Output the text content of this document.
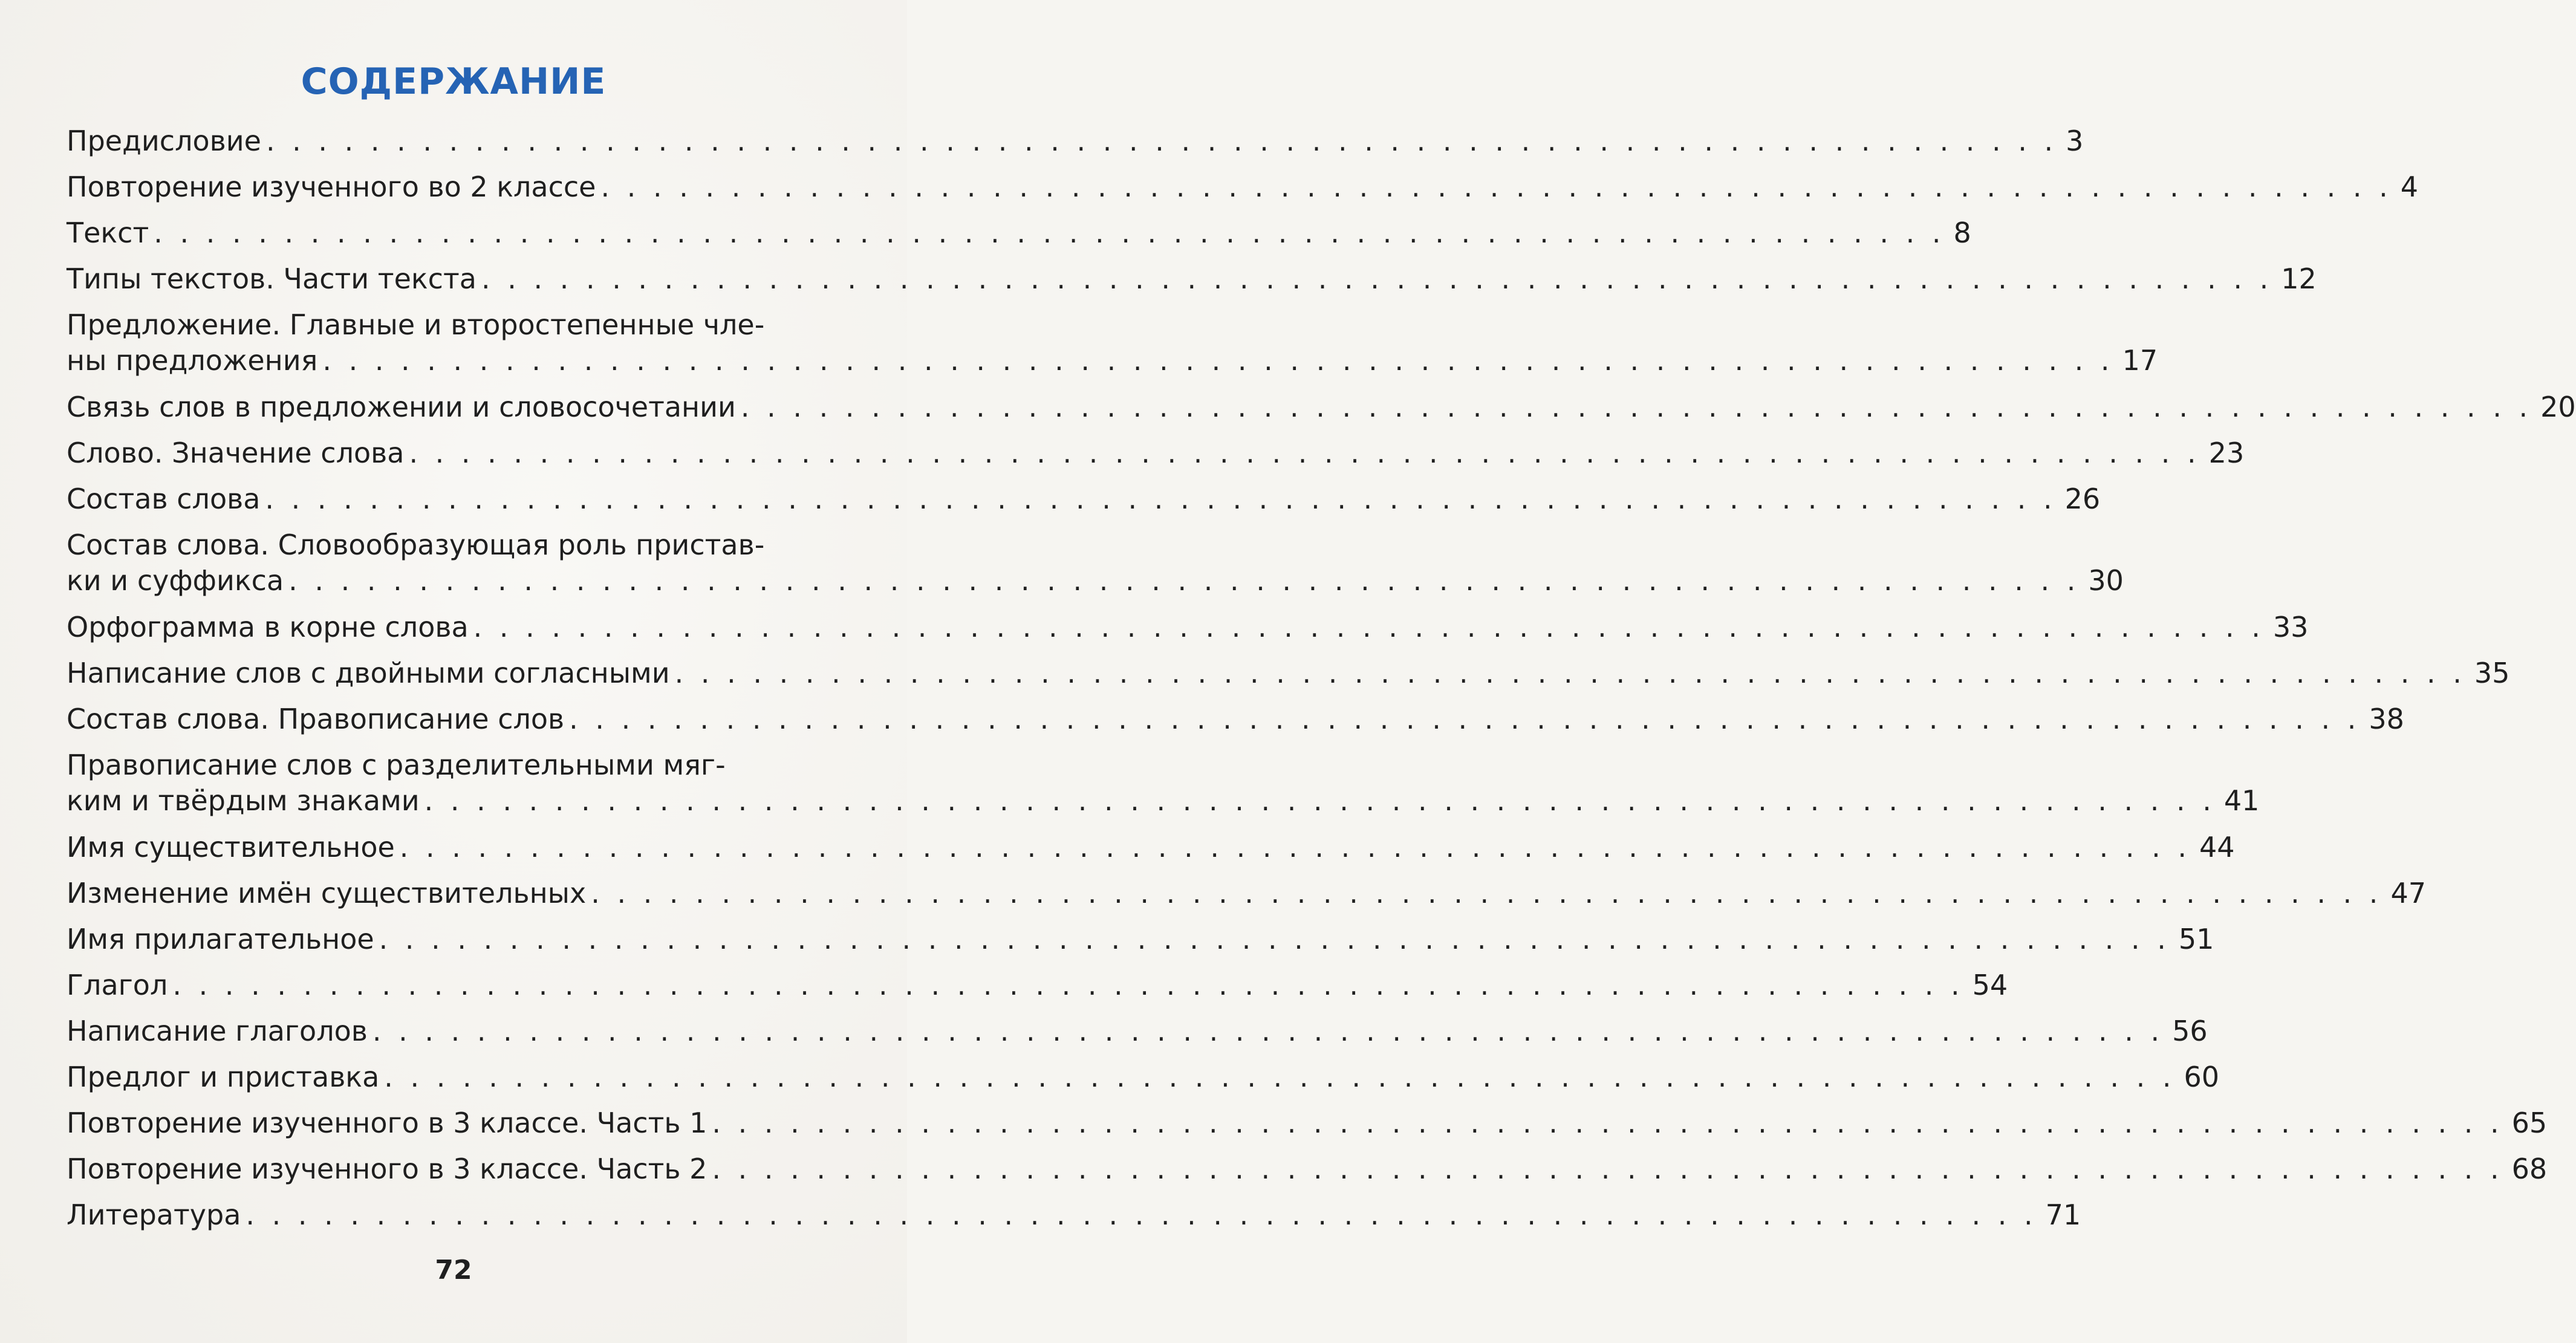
СОДЕРЖАНИЕ
Предисловие . . . . . . . . . . . . . . . . . . . . . . . . . . . . . . . . . . . . . . . . . . . . . . . . . . . . . . . . . . . . . . . . . . . . . 3
Повторение изученного во 2 классе . . . . . . . . . . . . . . . . . . . . . . . . . . . . . . . . . . . . . . . . . . . . . . . . . . . . . . . . . . . . . . . . . . . . . 4
Текст . . . . . . . . . . . . . . . . . . . . . . . . . . . . . . . . . . . . . . . . . . . . . . . . . . . . . . . . . . . . . . . . . . . . . 8
Типы текстов. Части текста . . . . . . . . . . . . . . . . . . . . . . . . . . . . . . . . . . . . . . . . . . . . . . . . . . . . . . . . . . . . . . . . . . . . . 12
Предложение. Главные и второстепенные чле-
ны предложения . . . . . . . . . . . . . . . . . . . . . . . . . . . . . . . . . . . . . . . . . . . . . . . . . . . . . . . . . . . . . . . . . . . . . 17
Связь слов в предложении и словосочетании . . . . . . . . . . . . . . . . . . . . . . . . . . . . . . . . . . . . . . . . . . . . . . . . . . . . . . . . . . . . . . . . . . . . . 20
Слово. Значение слова . . . . . . . . . . . . . . . . . . . . . . . . . . . . . . . . . . . . . . . . . . . . . . . . . . . . . . . . . . . . . . . . . . . . . 23
Состав слова . . . . . . . . . . . . . . . . . . . . . . . . . . . . . . . . . . . . . . . . . . . . . . . . . . . . . . . . . . . . . . . . . . . . . 26
Состав слова. Словообразующая роль пристав-
ки и суффикса . . . . . . . . . . . . . . . . . . . . . . . . . . . . . . . . . . . . . . . . . . . . . . . . . . . . . . . . . . . . . . . . . . . . . 30
Орфограмма в корне слова . . . . . . . . . . . . . . . . . . . . . . . . . . . . . . . . . . . . . . . . . . . . . . . . . . . . . . . . . . . . . . . . . . . . . 33
Написание слов с двойными согласными . . . . . . . . . . . . . . . . . . . . . . . . . . . . . . . . . . . . . . . . . . . . . . . . . . . . . . . . . . . . . . . . . . . . . 35
Состав слова. Правописание слов . . . . . . . . . . . . . . . . . . . . . . . . . . . . . . . . . . . . . . . . . . . . . . . . . . . . . . . . . . . . . . . . . . . . . 38
Правописание слов с разделительными мяг-
ким и твёрдым знаками . . . . . . . . . . . . . . . . . . . . . . . . . . . . . . . . . . . . . . . . . . . . . . . . . . . . . . . . . . . . . . . . . . . . . 41
Имя существительное . . . . . . . . . . . . . . . . . . . . . . . . . . . . . . . . . . . . . . . . . . . . . . . . . . . . . . . . . . . . . . . . . . . . . 44
Изменение имён существительных . . . . . . . . . . . . . . . . . . . . . . . . . . . . . . . . . . . . . . . . . . . . . . . . . . . . . . . . . . . . . . . . . . . . . 47
Имя прилагательное . . . . . . . . . . . . . . . . . . . . . . . . . . . . . . . . . . . . . . . . . . . . . . . . . . . . . . . . . . . . . . . . . . . . . 51
Глагол . . . . . . . . . . . . . . . . . . . . . . . . . . . . . . . . . . . . . . . . . . . . . . . . . . . . . . . . . . . . . . . . . . . . . 54
Написание глаголов . . . . . . . . . . . . . . . . . . . . . . . . . . . . . . . . . . . . . . . . . . . . . . . . . . . . . . . . . . . . . . . . . . . . . 56
Предлог и приставка . . . . . . . . . . . . . . . . . . . . . . . . . . . . . . . . . . . . . . . . . . . . . . . . . . . . . . . . . . . . . . . . . . . . . 60
Повторение изученного в 3 классе. Часть 1 . . . . . . . . . . . . . . . . . . . . . . . . . . . . . . . . . . . . . . . . . . . . . . . . . . . . . . . . . . . . . . . . . . . . . 65
Повторение изученного в 3 классе. Часть 2 . . . . . . . . . . . . . . . . . . . . . . . . . . . . . . . . . . . . . . . . . . . . . . . . . . . . . . . . . . . . . . . . . . . . . 68
Литература . . . . . . . . . . . . . . . . . . . . . . . . . . . . . . . . . . . . . . . . . . . . . . . . . . . . . . . . . . . . . . . . . . . . . 71
72
